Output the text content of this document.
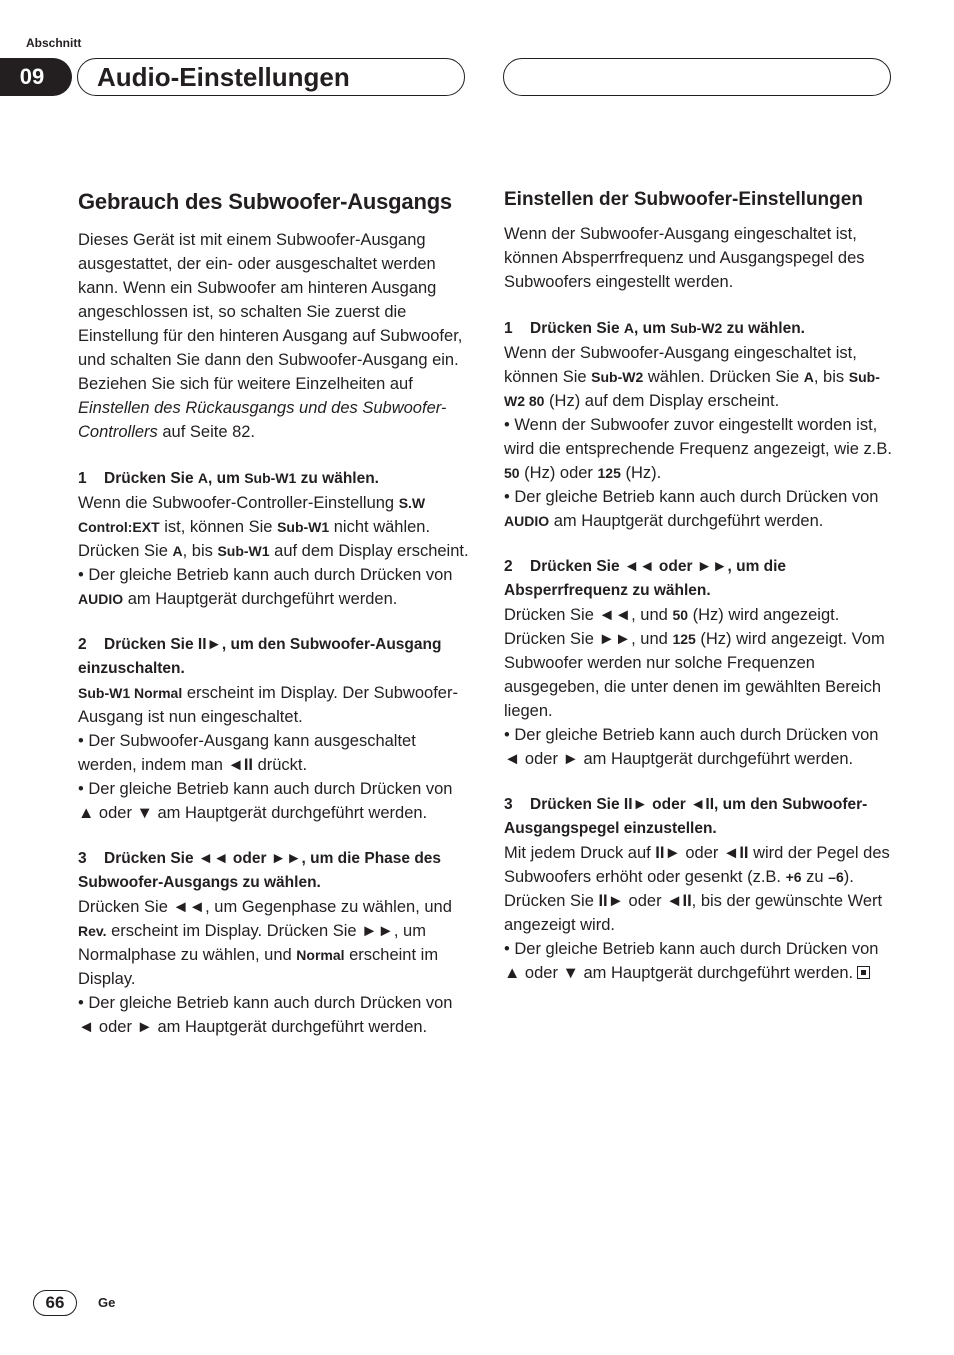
Abschnitt
09	Audio-Einstellungen
Gebrauch des Subwoofer-Ausgangs

Dieses Gerät ist mit einem Subwoofer-Ausgang ausgestattet, der ein- oder ausgeschaltet werden kann. Wenn ein Subwoofer am hinteren Ausgang angeschlossen ist, so schalten Sie zuerst die Einstellung für den hinteren Ausgang auf Subwoofer, und schalten Sie dann den Subwoofer-Ausgang ein. Beziehen Sie sich für weitere Einzelheiten auf Einstellen des Rückausgangs und des Subwoofer-Controllers auf Seite 82.

1 Drücken Sie A, um Sub-W1 zu wählen.

Wenn die Subwoofer-Controller-Einstellung S.W Control:EXT ist, können Sie Sub-W1 nicht wählen. Drücken Sie A, bis Sub-W1 auf dem Display erscheint.

• Der gleiche Betrieb kann auch durch Drücken von AUDIO am Hauptgerät durchgeführt werden.

2 Drücken Sie II►, um den Subwoofer-Ausgang einzuschalten.

Sub-W1 Normal erscheint im Display. Der Subwoofer-Ausgang ist nun eingeschaltet.

• Der Subwoofer-Ausgang kann ausgeschaltet werden, indem man ◄II drückt.

• Der gleiche Betrieb kann auch durch Drücken von ▲ oder ▼ am Hauptgerät durchgeführt werden.

3 Drücken Sie ◄◄ oder ►►, um die Phase des Subwoofer-Ausgangs zu wählen.

Drücken Sie ◄◄, um Gegenphase zu wählen, und Rev. erscheint im Display. Drücken Sie ►►, um Normalphase zu wählen, und Normal erscheint im Display.

• Der gleiche Betrieb kann auch durch Drücken von ◄ oder ► am Hauptgerät durchgeführt werden.

Einstellen der Subwoofer-Einstellungen

Wenn der Subwoofer-Ausgang eingeschaltet ist, können Absperrfrequenz und Ausgangspegel des Subwoofers eingestellt werden.

1 Drücken Sie A, um Sub-W2 zu wählen.

Wenn der Subwoofer-Ausgang eingeschaltet ist, können Sie Sub-W2 wählen. Drücken Sie A, bis Sub-W2 80 (Hz) auf dem Display erscheint.

• Wenn der Subwoofer zuvor eingestellt worden ist, wird die entsprechende Frequenz angezeigt, wie z.B. 50 (Hz) oder 125 (Hz).

• Der gleiche Betrieb kann auch durch Drücken von AUDIO am Hauptgerät durchgeführt werden.

2 Drücken Sie ◄◄ oder ►►, um die Absperrfrequenz zu wählen.

Drücken Sie ◄◄, und 50 (Hz) wird angezeigt. Drücken Sie ►►, und 125 (Hz) wird angezeigt. Vom Subwoofer werden nur solche Frequenzen ausgegeben, die unter denen im gewählten Bereich liegen.

• Der gleiche Betrieb kann auch durch Drücken von ◄ oder ► am Hauptgerät durchgeführt werden.

3 Drücken Sie II► oder ◄II, um den Subwoofer-Ausgangspegel einzustellen.

Mit jedem Druck auf II► oder ◄II wird der Pegel des Subwoofers erhöht oder gesenkt (z.B. +6 zu –6).

Drücken Sie II► oder ◄II, bis der gewünschte Wert angezeigt wird.

• Der gleiche Betrieb kann auch durch Drücken von ▲ oder ▼ am Hauptgerät durchgeführt werden.

66	Ge
